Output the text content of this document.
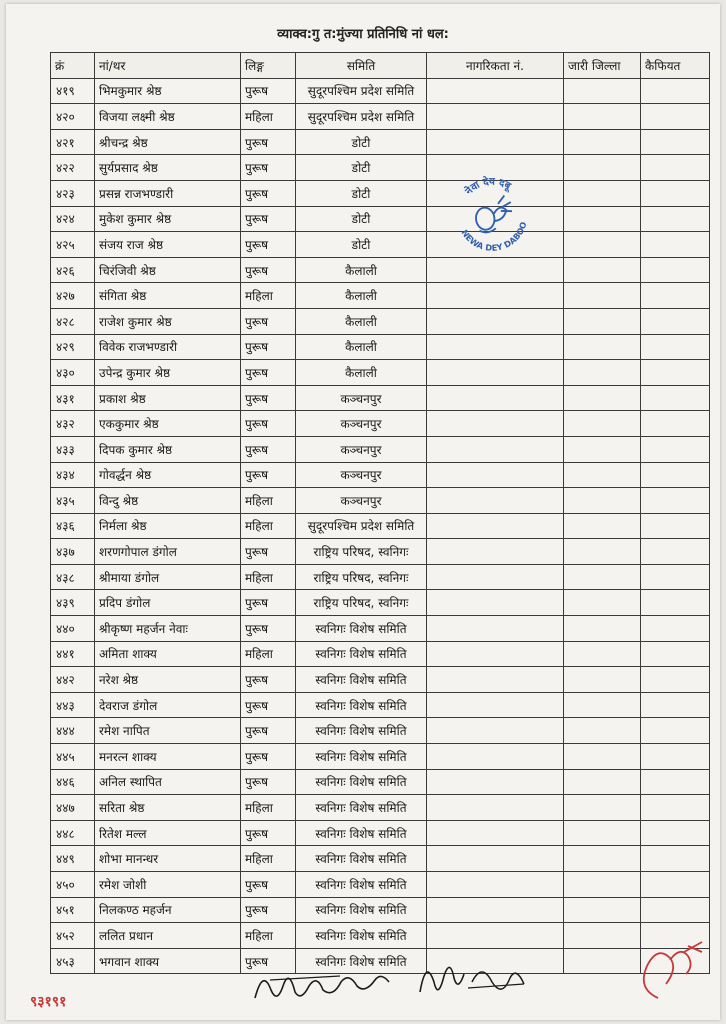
व्याक्व:गु त:मुंज्या प्रतिनिधि नां धल:
क्रं	नां/थर	लिङ्ग	समिति	नागरिकता नं.	जारी जिल्ला	कैफियत
४१९	भिमकुमार श्रेष्ठ	पुरूष	सुदूरपश्चिम प्रदेश समिति			
४२०	विजया लक्ष्मी श्रेष्ठ	महिला	सुदूरपश्चिम प्रदेश समिति			
४२१	श्रीचन्द्र श्रेष्ठ	पुरूष	डोटी			
४२२	सुर्यप्रसाद श्रेष्ठ	पुरूष	डोटी			
४२३	प्रसन्न राजभण्डारी	पुरूष	डोटी			
४२४	मुकेश कुमार श्रेष्ठ	पुरूष	डोटी			
४२५	संजय राज श्रेष्ठ	पुरूष	डोटी			
४२६	चिरंजिवी श्रेष्ठ	पुरूष	कैलाली			
४२७	संगिता श्रेष्ठ	महिला	कैलाली			
४२८	राजेश कुमार श्रेष्ठ	पुरूष	कैलाली			
४२९	विवेक राजभण्डारी	पुरूष	कैलाली			
४३०	उपेन्द्र कुमार श्रेष्ठ	पुरूष	कैलाली			
४३१	प्रकाश श्रेष्ठ	पुरूष	कञ्चनपुर			
४३२	एककुमार श्रेष्ठ	पुरूष	कञ्चनपुर			
४३३	दिपक कुमार श्रेष्ठ	पुरूष	कञ्चनपुर			
४३४	गोवर्द्धन श्रेष्ठ	पुरूष	कञ्चनपुर			
४३५	विन्दु श्रेष्ठ	महिला	कञ्चनपुर			
४३६	निर्मला श्रेष्ठ	महिला	सुदूरपश्चिम प्रदेश समिति			
४३७	शरणगोपाल डंगोल	पुरूष	राष्ट्रिय परिषद, स्वनिगः			
४३८	श्रीमाया डंगोल	महिला	राष्ट्रिय परिषद, स्वनिगः			
४३९	प्रदिप डंगोल	पुरूष	राष्ट्रिय परिषद, स्वनिगः			
४४०	श्रीकृष्ण महर्जन नेवाः	पुरूष	स्वनिगः विशेष समिति			
४४१	अमिता शाक्य	महिला	स्वनिगः विशेष समिति			
४४२	नरेश श्रेष्ठ	पुरूष	स्वनिगः विशेष समिति			
४४३	देवराज डंगोल	पुरूष	स्वनिगः विशेष समिति			
४४४	रमेश नापित	पुरूष	स्वनिगः विशेष समिति			
४४५	मनरत्न शाक्य	पुरूष	स्वनिगः विशेष समिति			
४४६	अनिल स्थापित	पुरूष	स्वनिगः विशेष समिति			
४४७	सरिता श्रेष्ठ	महिला	स्वनिगः विशेष समिति			
४४८	रितेश मल्ल	पुरूष	स्वनिगः विशेष समिति			
४४९	शोभा मानन्धर	महिला	स्वनिगः विशेष समिति			
४५०	रमेश जोशी	पुरूष	स्वनिगः विशेष समिति			
४५१	निलकण्ठ महर्जन	पुरूष	स्वनिगः विशेष समिति			
४५२	ललित प्रधान	महिला	स्वनिगः विशेष समिति			
४५३	भगवान शाक्य	पुरूष	स्वनिगः विशेष समिति			
नेवा देय दबू
NEWA DEY DABOO
९३१९१
